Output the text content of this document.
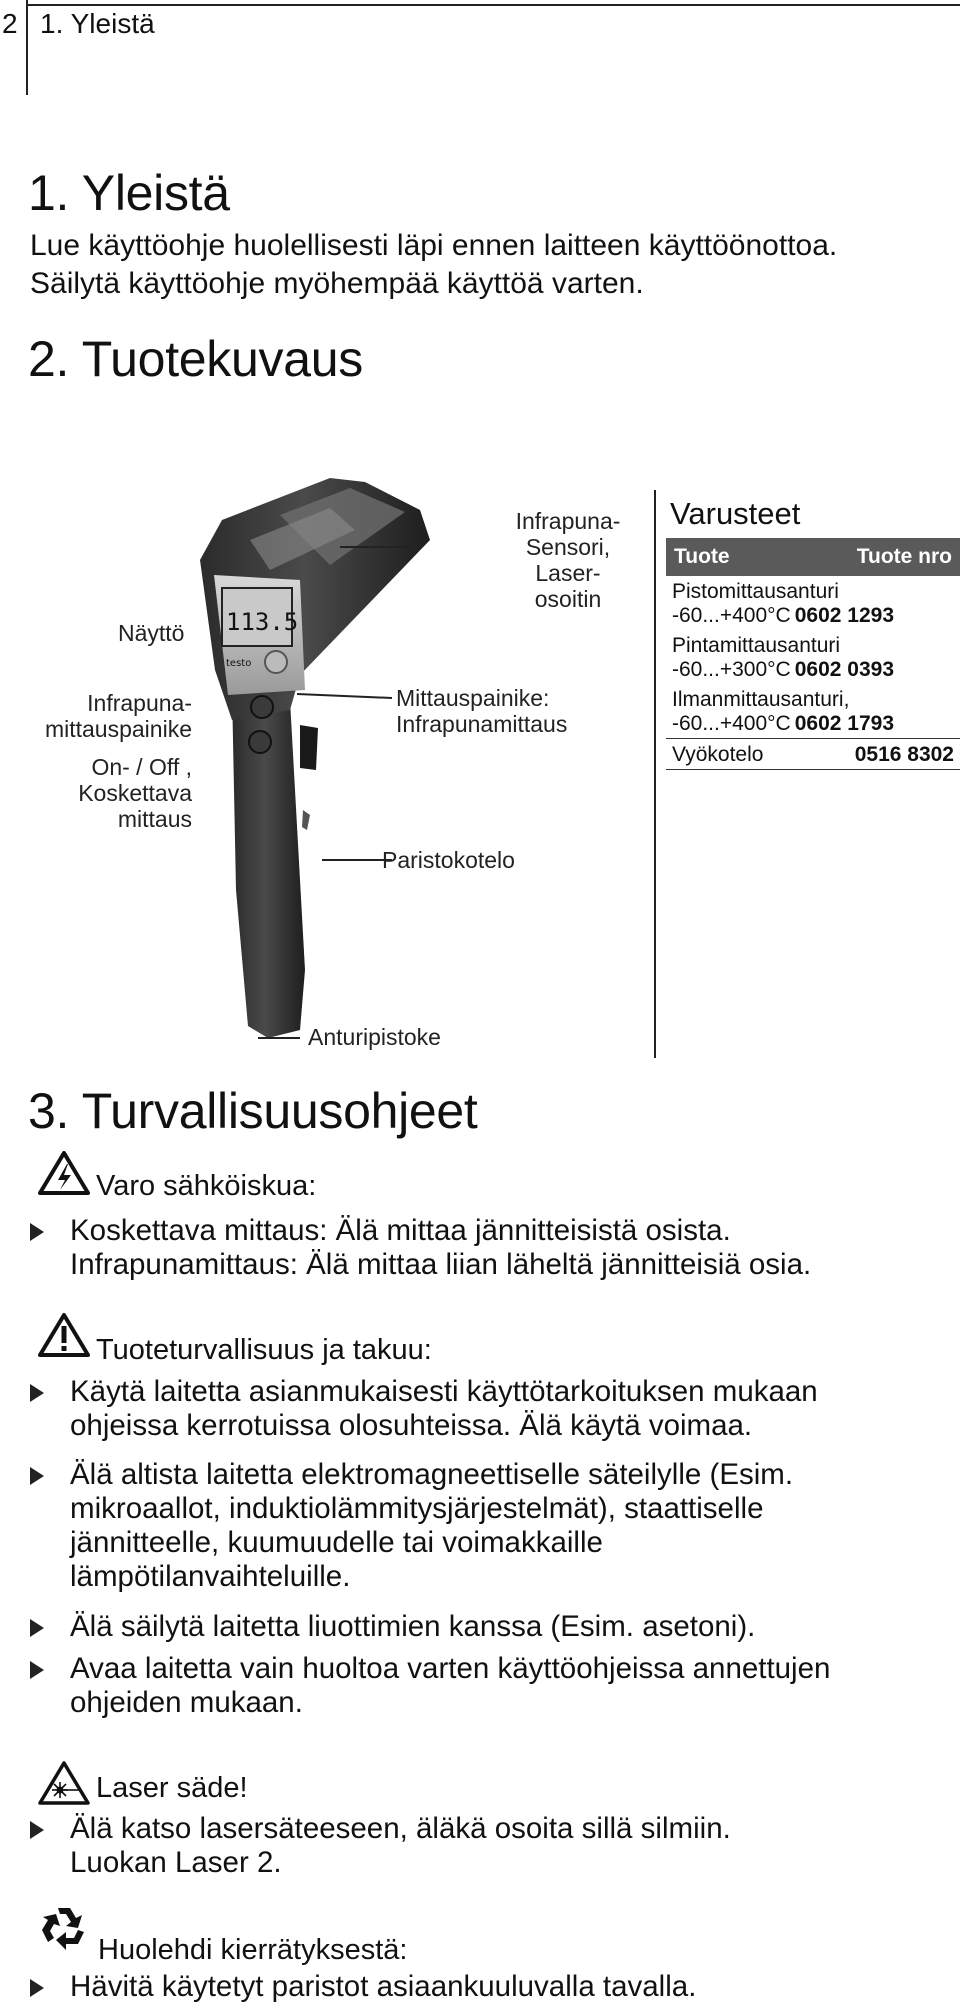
2 1. Yleistä
1. Yleistä
Lue käyttöohje huolellisesti läpi ennen laitteen käyttöönottoa.
Säilytä käyttöohje myöhempää käyttöä varten.
2. Tuotekuvaus
113.5
testo
Infrapuna-
Sensori,
Laser-
osoitin
Näyttö
Infrapuna-
mittauspainike
On- / Off ,
Koskettava
mittaus
Mittauspainike:
Infrapunamittaus
Paristokotelo
Anturipistoke
Varusteet
Tuote	Tuote nro
Pistomittausanturi
-60...+400°C 0602 1293
Pintamittausanturi
-60...+300°C 0602 0393
Ilmanmittausanturi,
-60...+400°C 0602 1793
Vyökotelo	0516 8302
3. Turvallisuusohjeet
Varo sähköiskua:
Koskettava mittaus: Älä mittaa jännitteisistä osista.
Infrapunamittaus: Älä mittaa liian läheltä jännitteisiä osia.
Tuoteturvallisuus ja takuu:
Käytä laitetta asianmukaisesti käyttötarkoituksen mukaan
ohjeissa kerrotuissa olosuhteissa. Älä käytä voimaa.
Älä altista laitetta elektromagneettiselle säteilylle (Esim.
mikroaallot, induktiolämmitysjärjestelmät), staattiselle
jännitteelle, kuumuudelle tai voimakkaille
lämpötilanvaihteluille.
Älä säilytä laitetta liuottimien kanssa (Esim. asetoni).
Avaa laitetta vain huoltoa varten käyttöohjeissa annettujen
ohjeiden mukaan.
Laser säde!
Älä katso lasersäteeseen, äläkä osoita sillä silmiin.
Luokan Laser 2.
Huolehdi kierrätyksestä:
Hävitä käytetyt paristot asiaankuuluvalla tavalla.
